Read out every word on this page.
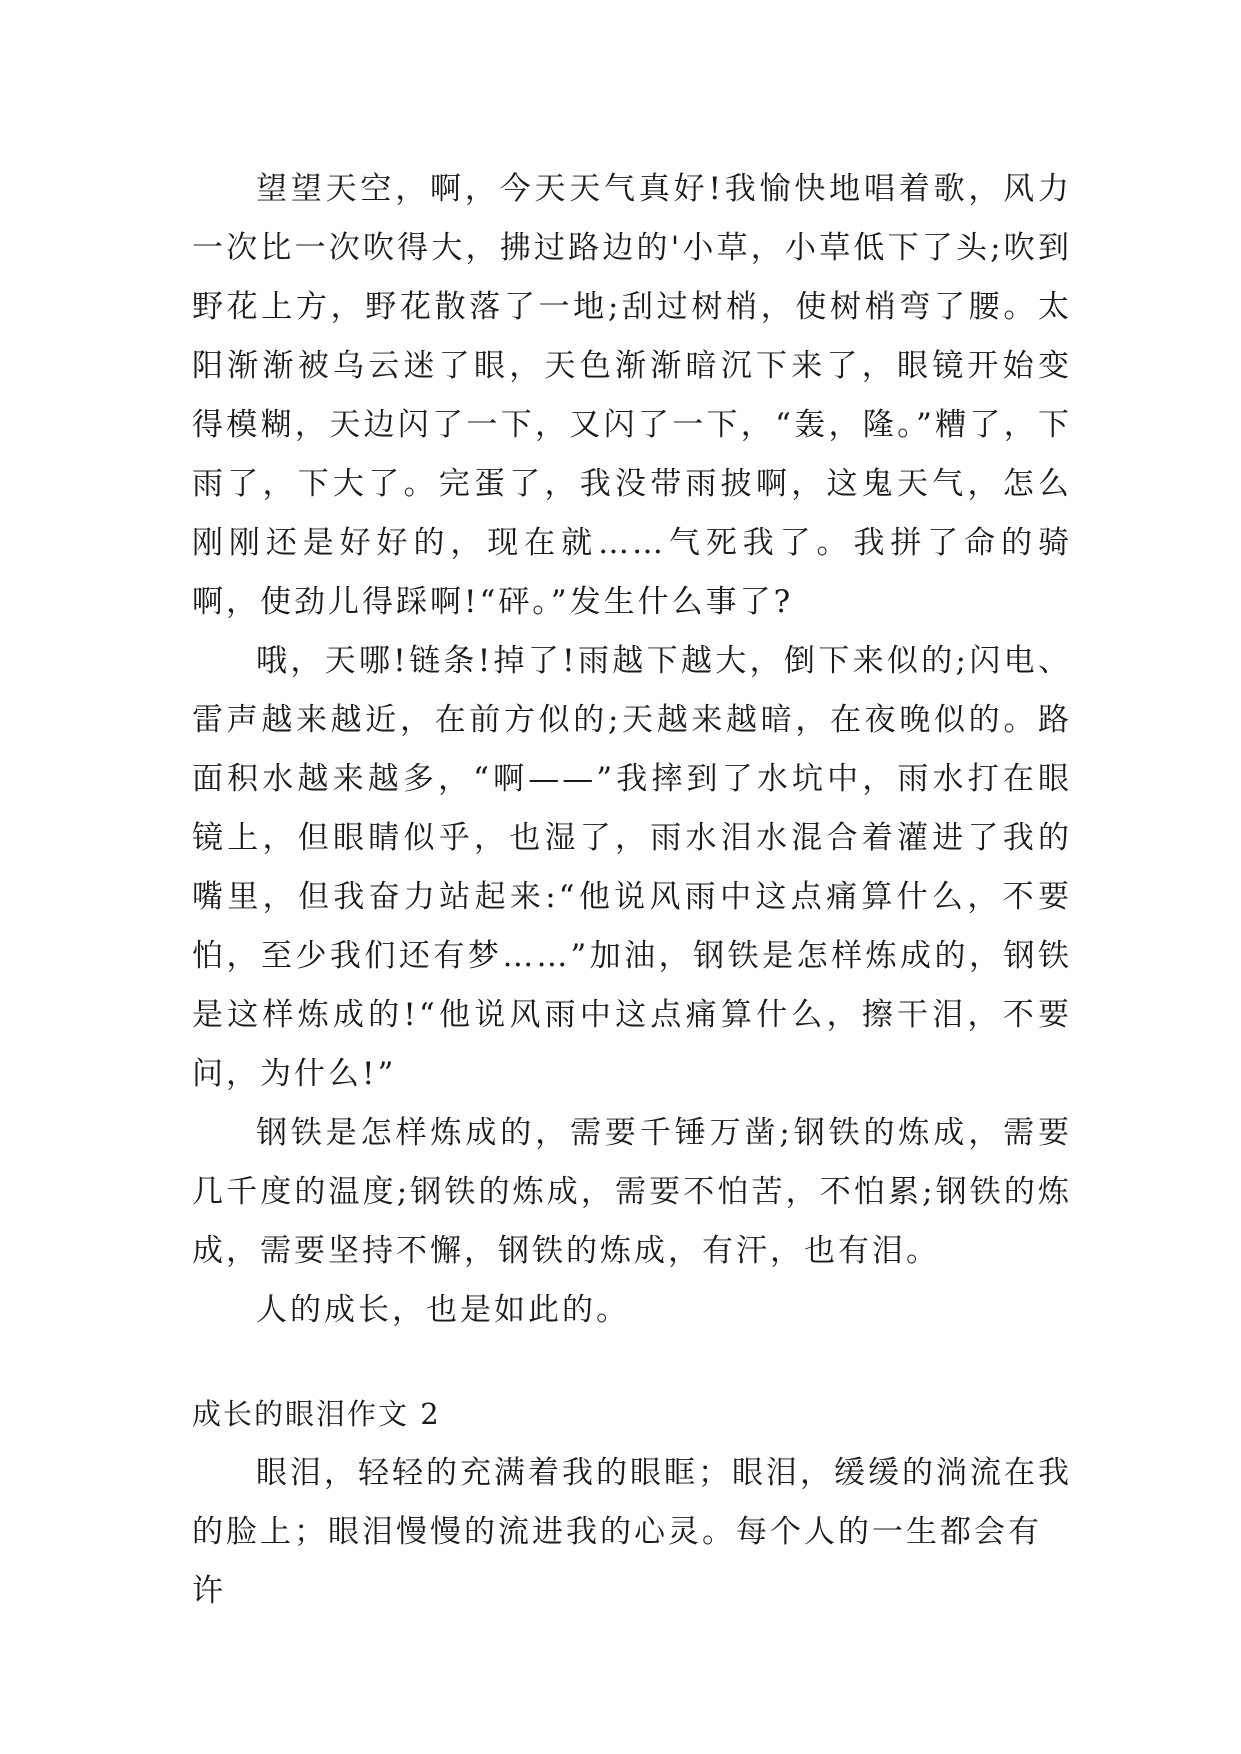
望望天空，啊，今天天气真好!我愉快地唱着歌，风力一次比一次吹得大，拂过路边的'小草，小草低下了头;吹到野花上方，野花散落了一地;刮过树梢，使树梢弯了腰。太阳渐渐被乌云迷了眼，天色渐渐暗沉下来了，眼镜开始变得模糊，天边闪了一下，又闪了一下，“轰，隆。”糟了，下雨了，下大了。完蛋了，我没带雨披啊，这鬼天气，怎么刚刚还是好好的，现在就……气死我了。我拼了命的骑啊，使劲儿得踩啊!“砰。”发生什么事了?

哦，天哪!链条!掉了!雨越下越大，倒下来似的;闪电、雷声越来越近，在前方似的;天越来越暗，在夜晚似的。路面积水越来越多，“啊——”我摔到了水坑中，雨水打在眼镜上，但眼睛似乎，也湿了，雨水泪水混合着灌进了我的嘴里，但我奋力站起来:“他说风雨中这点痛算什么，不要怕，至少我们还有梦……”加油，钢铁是怎样炼成的，钢铁是这样炼成的!“他说风雨中这点痛算什么，擦干泪，不要问，为什么!”

钢铁是怎样炼成的，需要千锤万凿;钢铁的炼成，需要几千度的温度;钢铁的炼成，需要不怕苦，不怕累;钢铁的炼成，需要坚持不懈，钢铁的炼成，有汗，也有泪。

人的成长，也是如此的。

成长的眼泪作文 2

眼泪，轻轻的充满着我的眼眶；眼泪，缓缓的淌流在我的脸上；眼泪慢慢的流进我的心灵。每个人的一生都会有许
